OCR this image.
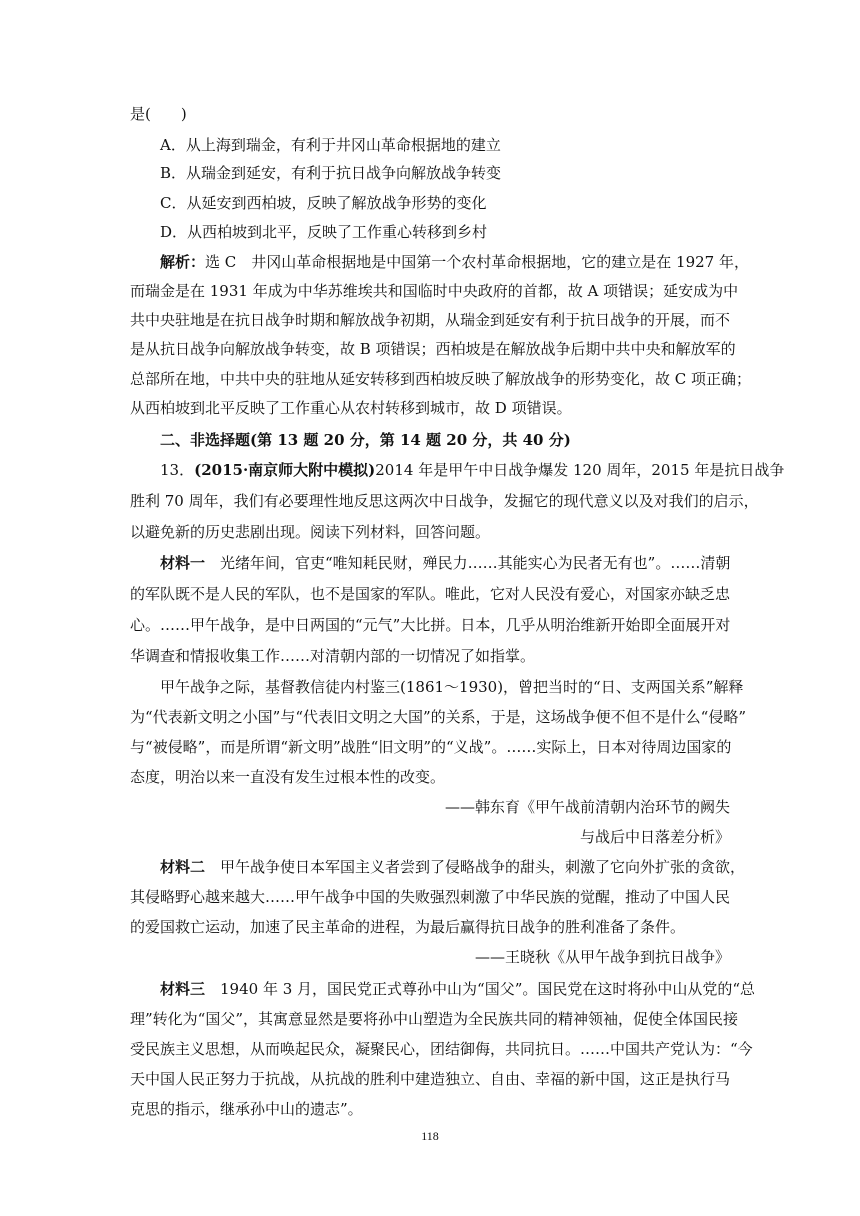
是(　　)
A．从上海到瑞金，有利于井冈山革命根据地的建立
B．从瑞金到延安，有利于抗日战争向解放战争转变
C．从延安到西柏坡，反映了解放战争形势的变化
D．从西柏坡到北平，反映了工作重心转移到乡村
解析：选 C　井冈山革命根据地是中国第一个农村革命根据地，它的建立是在 1927 年，
而瑞金是在 1931 年成为中华苏维埃共和国临时中央政府的首都，故 A 项错误；延安成为中
共中央驻地是在抗日战争时期和解放战争初期，从瑞金到延安有利于抗日战争的开展，而不
是从抗日战争向解放战争转变，故 B 项错误；西柏坡是在解放战争后期中共中央和解放军的
总部所在地，中共中央的驻地从延安转移到西柏坡反映了解放战争的形势变化，故 C 项正确；
从西柏坡到北平反映了工作重心从农村转移到城市，故 D 项错误。
二、非选择题(第 13 题 20 分，第 14 题 20 分，共 40 分)
13．(2015·南京师大附中模拟)2014 年是甲午中日战争爆发 120 周年，2015 年是抗日战争
胜利 70 周年，我们有必要理性地反思这两次中日战争，发掘它的现代意义以及对我们的启示，
以避免新的历史悲剧出现。阅读下列材料，回答问题。
材料一　光绪年间，官吏“唯知耗民财，殚民力……其能实心为民者无有也”。……清朝
的军队既不是人民的军队，也不是国家的军队。唯此，它对人民没有爱心，对国家亦缺乏忠
心。……甲午战争，是中日两国的“元气”大比拼。日本，几乎从明治维新开始即全面展开对
华调查和情报收集工作……对清朝内部的一切情况了如指掌。
甲午战争之际，基督教信徒内村鉴三(1861～1930)，曾把当时的“日、支两国关系”解释
为“代表新文明之小国”与“代表旧文明之大国”的关系，于是，这场战争便不但不是什么“侵略”
与“被侵略”，而是所谓“新文明”战胜“旧文明”的“义战”。……实际上，日本对待周边国家的
态度，明治以来一直没有发生过根本性的改变。
——韩东育《甲午战前清朝内治环节的阙失
与战后中日落差分析》
材料二　甲午战争使日本军国主义者尝到了侵略战争的甜头，刺激了它向外扩张的贪欲，
其侵略野心越来越大……甲午战争中国的失败强烈刺激了中华民族的觉醒，推动了中国人民
的爱国救亡运动，加速了民主革命的进程，为最后赢得抗日战争的胜利准备了条件。
——王晓秋《从甲午战争到抗日战争》
材料三　1940 年 3 月，国民党正式尊孙中山为“国父”。国民党在这时将孙中山从党的“总
理”转化为“国父”，其寓意显然是要将孙中山塑造为全民族共同的精神领袖，促使全体国民接
受民族主义思想，从而唤起民众，凝聚民心，团结御侮，共同抗日。……中国共产党认为：“今
天中国人民正努力于抗战，从抗战的胜利中建造独立、自由、幸福的新中国，这正是执行马
克思的指示，继承孙中山的遗志”。
118
